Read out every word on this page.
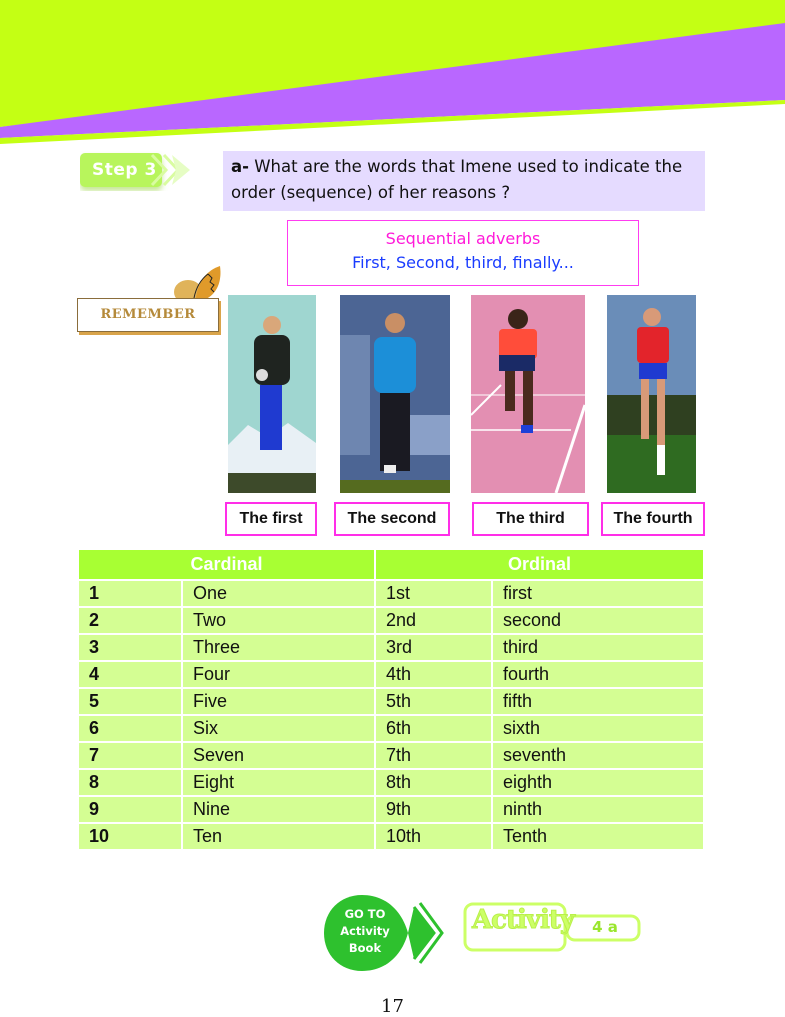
Step 3	a- What are the words that Imene used to indicate the order (sequence) of her reasons ?
Sequential adverbs
First, Second, third, finally...
REMEMBER
The first	The second	The third	The fourth
Cardinal		Ordinal	
1	One	1st	first
2	Two	2nd	second
3	Three	3rd	third
4	Four	4th	fourth
5	Five	5th	fifth
6	Six	6th	sixth
7	Seven	7th	seventh
8	Eight	8th	eighth
9	Nine	9th	ninth
10	Ten	10th	Tenth
GO TO
Activity
Book
Activity	4 a
17
